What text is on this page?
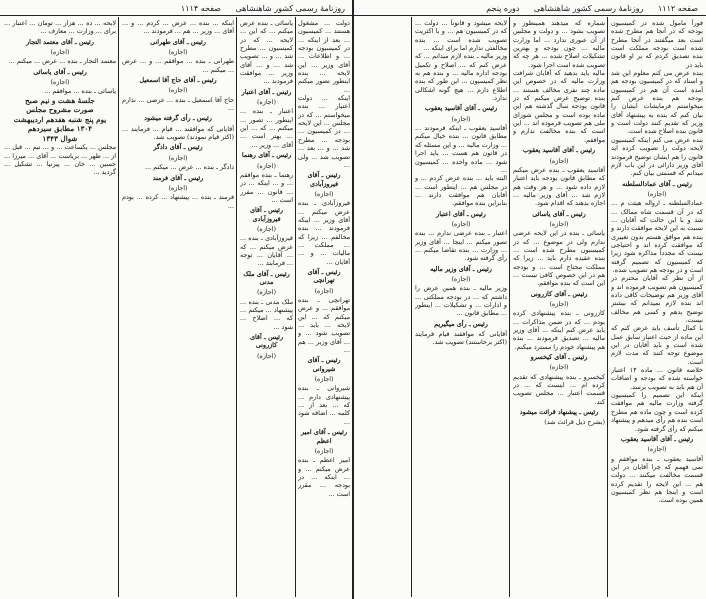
صفحه ۱۱۱۲ روزنامهٔ رسمی کشور شاهنشاهی دوره پنجم
روزنامهٔ رسمی کشور شاهنشاهی صفحه ۱۱۱۴

فوراً مامول شده در کمیسیون بودجه که در آنجا هم مطرح شده است بعد میگفتند در آنجا مطرح شده است بودجه مملکت است بنده تصدیق کردم که بر او قانون باید در

بنده عرض می کنم معلوم این شد و اسناد که در کمیسیون بودجه هم آمده است آن هم در کمیسیون بودجه هم بنده عرض کنم میخواستم فرمایشات ایشان را بیان کنم که بنده به پیشنهاد آقای وزیر که تقدیم کنند دولت است و قانون بنده اصلاح شده است.

بنده عرض می کنم اینکه کمیسیون لایحه دولت را تصویب کرده اید قانون را هم ایشان توضیح فرمودند آقای وزیر دارائی در این باب لازم میدانم که قسمتی بیان کنم.

رئیس ـ آقای عمادالسلطنه

(اجازه)

عمادالسلطنه ـ ارواله هیئت م ... که در آن قسمت شاه ممالک ... شد و با این حالت که آقایان ... نسبت به این لایحه موافقت دارند و بنده هم موافق هستم بدون تغییری که موافقت کرده اند و احتیاجی نیست که مجدداً مذاکره شود زیرا که کمیسیون که تصمیم گرفته است و در بودجه هم تصویب شده.

از آن نظر که آقایان محترم در کمیسیون هم تصویب فرموده اند و آقای وزیر هم توضیحات کافی داده اند بنده لازم نمیدانم که بیشتر توضیح بدهم و کسی هم مخالف نیست.

با کمال تأسف باید عرض کنم که این ماده از حیث اعتبار سابق عمل شده است و باید آقایان در این موضوع توجه کنند که مدت لازم است.

خلاصه قانون ... ماده ۱۴ اعتبار خواسته شده که بودجه و اضافات آن هم باید به تصویب برسد.

اینکه این تصمیم را کمیسیون گرفته وزارت مالیه هم موافقت کرده است و چون ماده هم مطرح است بنده هم رأی میدهم و پیشنهاد میکنم که رأی گرفته شود.

رئیس ـ آقای آقاسید یعقوب

(اجازه)

آقاسید یعقوب ـ بنده موافقم و نمی فهمم که چرا آقایان در این قسمت مخالفت میکنند ... دولت هم ... این لایحه را تقدیم کرده است و اینجا هم نظر کمیسیون همین بوده است.

شماره که میدهند همینطور و تصویب بشود ... و دولت و مجلس از آن عبوری ندارد ... اما وزارت مالیه ... چون بودجه و بهترین تشکیلات اصلاح شده ... هر چه که تصویب شده است اجرا شود.

مالیه باید بدهید که آقایان شرافت وزارت مالیه که در خصوص این ماده چند نفری مخالف هستند ... بنده توضیح عرض میکنم که در قانون بودجه سال گذشته هم این ماده بوده است و مجلس شورای ملی هم تصویب فرموده اند ... این است که بنده مخالفت ندارم و موافقم.

رئیس ـ آقای آقاسید یعقوب

(اجازه)

آقاسید یعقوب ـ بنده عرض میکنم که مطابق قانون بودجه باید اعتبار لازم داده شود ... و هر وقت هم لازم شد ... آقای وزیر مالیه ... اجازه بدهند که اقدام شود.

رئیس ـ آقای یاسائی

(اجازه)

یاسائی ـ بنده در این لایحه عرضی ندارم ولی در موضوع ... که در کمیسیون مطرح شده است ... بنده عقیده دارم باید ... زیرا که مملکت محتاج است ... و بودجه هم در این خصوص کافی نیست ... این است که بنده موافقم.

رئیس ـ آقای کازرونی

(اجازه)

کازرونی ـ بنده پیشنهادی کرده بودم ... که در ضمن مذاکرات ... باید عرض کنم اینکه ... آقای وزیر مالیه ... تصدیق فرمودند ... بنده هم پیشنهاد خودم را مسترد میکنم.

رئیس ـ آقای کیخسرو

(اجازه)

کیخسرو ـ بنده پیشنهادی که تقدیم کرده ام ... اینست که ... در قسمت اعتبار ... مجلس تصویب کند.

رئیس ـ پیشنهاد قرائت میشود

(بشرح ذیل قرائت شد)

لایحه میشود و قانوناً ... دولت ... که در کمیسیون هم ... و با اکثریت تصویب شده است ... بنده مخالفتی ندارم اما برای اینکه ...

وزیر مالیه ـ بنده لازم میدانم ... که عرض کنم که ... اصلاح و تکمیل بودجه اداره مالیه ... و بنده هم به نظر کمیسیون ... این طور که بنده اطلاع دارم ... هیچ گونه اشکالی ندارد.

رئیس ـ آقای آقاسید یعقوب

(اجازه)

آقاسید یعقوب ـ اینکه فرمودند ... مطابق قانون ... بنده خیال میکنم ... وزارت مالیه ... و این مسئله که در قانون هم هست ... باید اجرا شود ... ماده واحده ... کمیسیون ...

البته باید ... بنده عرض کردم ... و در مجلس هم ... اینطور است ... آقایان هم موافقت دارند ... بنابراین بنده موافقم.

رئیس ـ آقای اعتبار

(اجازه)

اعتبار ـ بنده عرضی ندارم ... بنده تصور میکنم ... اینجا ... آقای وزیر ... وزارت ... بنده تقاضا میکنم ... رأی گرفته شود.

رئیس ـ آقای وزیر مالیه

(اجازه)

وزیر مالیه ـ بنده همین عرض را داشتم که ... در بودجه مملکتی ... و ادارات ... و تشکیلات ... اینطور ... مطابق قانون ...

رئیس ـ رأی میگیریم

آقایانی که موافقند قیام فرمایند (اکثر برخاستند) تصویب شد.

دولت ... مشغول هستند ... کمیسیون ... بعد از اینکه ... در کمیسیون بودجه ... و اطلاعات ... آقای وزیر ... این لایحه ... بنده اینطور تصور میکنم ...

اینکه ... دولت اعتبار ... بنده میخواستم ... که در مجلس ... این لایحه ... در کمیسیون ... بودجه ... مطرح شد ... و ... بعد ... تصویب شد ... ولی ...

رئیس ـ آقای فیروزآبادی

(اجازه)

فیروزآبادی ـ بنده عرض میکنم ... آقای وزیر ... اینکه فرمودند ... بنده مخالفم ... زیرا که ... مملکت ... مالیات ... و ... آقایان ...

رئیس ـ آقای تهرانچی

(اجازه)

تهرانچی ـ بنده موافقم ... و عرض میکنم که ... این لایحه ... باید ... تصویب شود ... و ... آقای وزیر ... هم ...

رئیس ـ آقای شیروانی

(اجازه)

شیروانی ـ بنده پیشنهادی دارم ... که ... بعد از ... کلمه ... اضافه شود ...

رئیس ـ آقای امیر اعظم

(اجازه)

امیر اعظم ـ بنده عرض میکنم ... و ... اینکه ... در بودجه ... مقرر است ...

یاسائی ـ بنده عرض میکنم ... که این ... لایحه ... که در کمیسیون ... مطرح شد ... و ... تصویب شد ... و ... آقای وزیر ... موافقت فرمودند ...

رئیس ـ آقای اعتبار

(اجازه)

اعتبار ـ بنده ... اینطور ... تصور ... میکنم ... که ... این ... بهتر است ... آقای ... وزیر ...

رئیس ـ آقای رهنما

(اجازه)

رهنما ـ بنده موافقم ... و ... اینکه ... در ... قانون ... مقرر است ...

رئیس ـ آقای فیروزآبادی

(اجازه)

فیروزآبادی ـ بنده ... عرض میکنم ... که ... آقایان ... توجه ... فرمایند ...

رئیس ـ آقای ملک مدنی

(اجازه)

ملک مدنی ـ بنده ... پیشنهاد ... میکنم ... که ... اصلاح ... شود ...

رئیس ـ آقای کازرونی

(اجازه)

اینکه ... بنده ... عرض ... کردم ... و ... آقای ... وزیر ... هم ... فرمودند ...

رئیس ـ آقای طهرانی

(اجازه)

طهرانی ـ بنده ... موافقم ... و ... عرض ... میکنم ...

رئیس ـ آقای حاج آقا اسمعیل

(اجازه)

حاج آقا اسمعیل ـ بنده ... عرضی ... ندارم ...

رئیس ـ رأی گرفته میشود

آقایانی که موافقند ... قیام ... فرمایند ... (اکثر قیام نمودند) تصویب شد.

رئیس ـ آقای دادگر

(اجازه)

دادگر ـ بنده ... عرض ... میکنم ...

رئیس ـ آقای فرمند

(اجازه)

فرمند ـ بنده ... پیشنهاد ... کرده ... بودم ...

لایحه ... ده ... هزار ... تومان ... اعتبار ... برای ... وزارت ... معارف ...

رئیس ـ آقای معتمد التجار

(اجازه)

معتمد التجار ـ بنده ... عرض ... میکنم ...

رئیس ـ آقای یاسائی

(اجازه)

یاسائی ـ بنده ... موافقم ...

جلسهٔ هشت و نیم صبح

صورت مشروح مجلس

یوم پنج شنبه هفدهم اردیبهشت

۱۳۰۴ مطابق سیزدهم

شوال ۱۳۴۳

مجلس ... یکساعت ... و ... نیم ... قبل ... از ... ظهر ... بریاست ... آقای ... میرزا ... حسین ... خان ... پیرنیا ... تشکیل ... گردید ...
